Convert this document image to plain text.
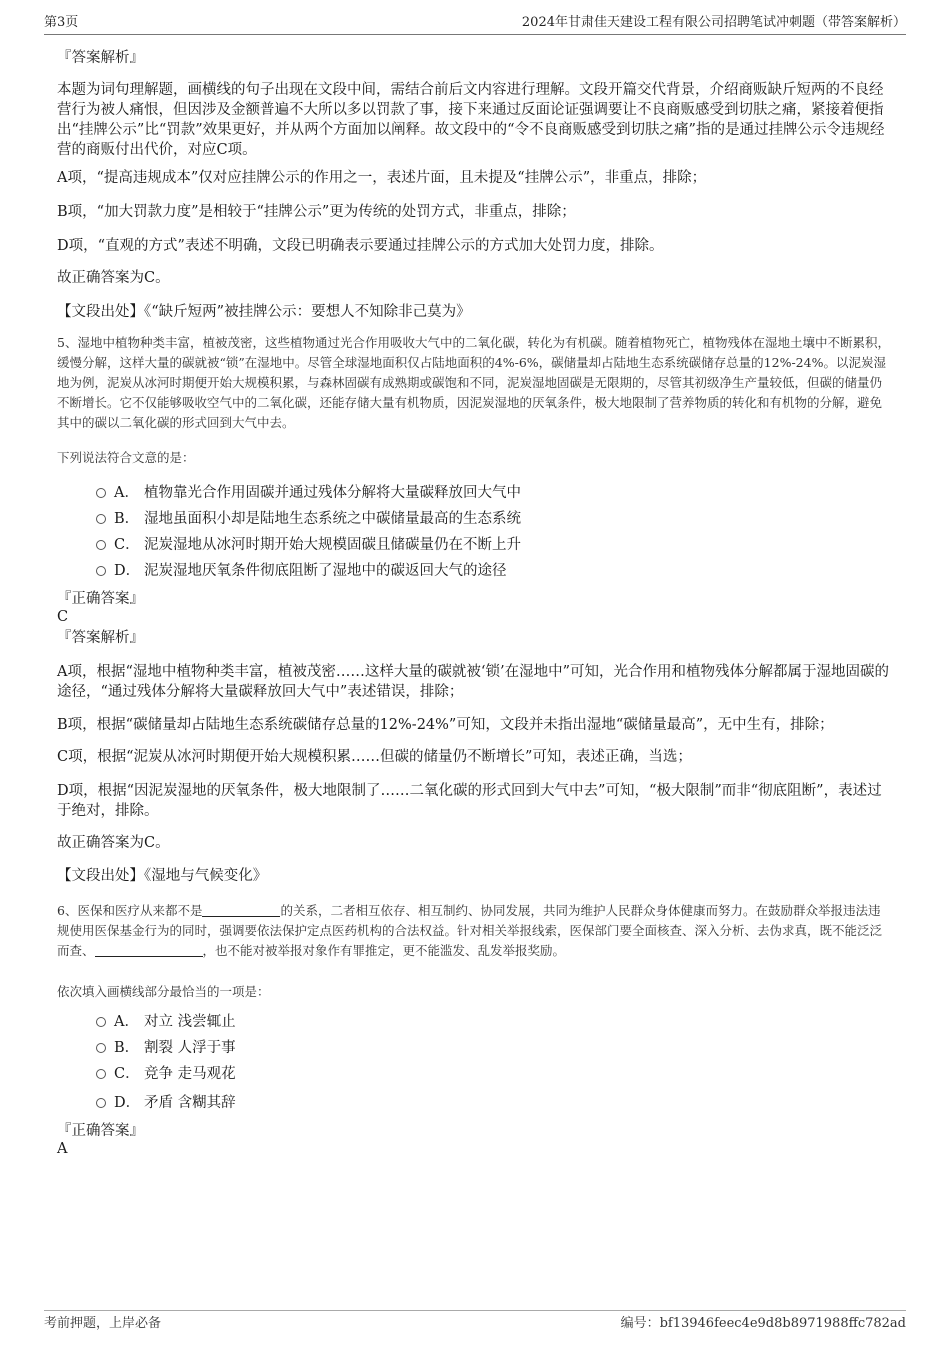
第3页	2024年甘肃佳天建设工程有限公司招聘笔试冲刺题（带答案解析）
『答案解析』
本题为词句理解题，画横线的句子出现在文段中间，需结合前后文内容进行理解。文段开篇交代背景，介绍商贩缺斤短两的不良经营行为被人痛恨，但因涉及金额普遍不大所以多以罚款了事，接下来通过反面论证强调要让不良商贩感受到切肤之痛，紧接着便指出“挂牌公示”比“罚款”效果更好，并从两个方面加以阐释。故文段中的“令不良商贩感受到切肤之痛”指的是通过挂牌公示令违规经营的商贩付出代价，对应C项。
A项，“提高违规成本”仅对应挂牌公示的作用之一，表述片面，且未提及“挂牌公示”，非重点，排除；
B项，“加大罚款力度”是相较于“挂牌公示”更为传统的处罚方式，非重点，排除；
D项，“直观的方式”表述不明确，文段已明确表示要通过挂牌公示的方式加大处罚力度，排除。
故正确答案为C。
【文段出处】《“缺斤短两”被挂牌公示：要想人不知除非己莫为》
5、湿地中植物种类丰富，植被茂密，这些植物通过光合作用吸收大气中的二氧化碳，转化为有机碳。随着植物死亡，植物残体在湿地土壤中不断累积，缓慢分解，这样大量的碳就被“锁”在湿地中。尽管全球湿地面积仅占陆地面积的4%-6%，碳储量却占陆地生态系统碳储存总量的12%-24%。以泥炭湿地为例，泥炭从冰河时期便开始大规模积累，与森林固碳有成熟期或碳饱和不同，泥炭湿地固碳是无限期的，尽管其初级净生产量较低，但碳的储量仍不断增长。它不仅能够吸收空气中的二氧化碳，还能存储大量有机物质，因泥炭湿地的厌氧条件，极大地限制了营养物质的转化和有机物的分解，避免其中的碳以二氧化碳的形式回到大气中去。
下列说法符合文意的是：
A． 植物靠光合作用固碳并通过残体分解将大量碳释放回大气中
B． 湿地虽面积小却是陆地生态系统之中碳储量最高的生态系统
C． 泥炭湿地从冰河时期开始大规模固碳且储碳量仍在不断上升
D． 泥炭湿地厌氧条件彻底阻断了湿地中的碳返回大气的途径
『正确答案』
C
『答案解析』
A项，根据“湿地中植物种类丰富，植被茂密……这样大量的碳就被‘锁’在湿地中”可知，光合作用和植物残体分解都属于湿地固碳的途径，“通过残体分解将大量碳释放回大气中”表述错误，排除；
B项，根据“碳储量却占陆地生态系统碳储存总量的12%-24%”可知，文段并未指出湿地“碳储量最高”，无中生有，排除；
C项，根据“泥炭从冰河时期便开始大规模积累……但碳的储量仍不断增长”可知，表述正确，当选；
D项，根据“因泥炭湿地的厌氧条件，极大地限制了……二氧化碳的形式回到大气中去”可知，“极大限制”而非“彻底阻断”，表述过于绝对，排除。
故正确答案为C。
【文段出处】《湿地与气候变化》
6、医保和医疗从来都不是	的关系，二者相互依存、相互制约、协同发展，共同为维护人民群众身体健康而努力。在鼓励群众举报违法违规使用医保基金行为的同时，强调要依法保护定点医药机构的合法权益。针对相关举报线索，医保部门要全面核查、深入分析、去伪求真，既不能泛泛而查、	，也不能对被举报对象作有罪推定，更不能滥发、乱发举报奖励。
依次填入画横线部分最恰当的一项是：
A． 对立 浅尝辄止
B． 割裂 人浮于事
C． 竞争 走马观花
D． 矛盾 含糊其辞
『正确答案』
A
考前押题，上岸必备	编号：bf13946feec4e9d8b8971988ffc782ad
